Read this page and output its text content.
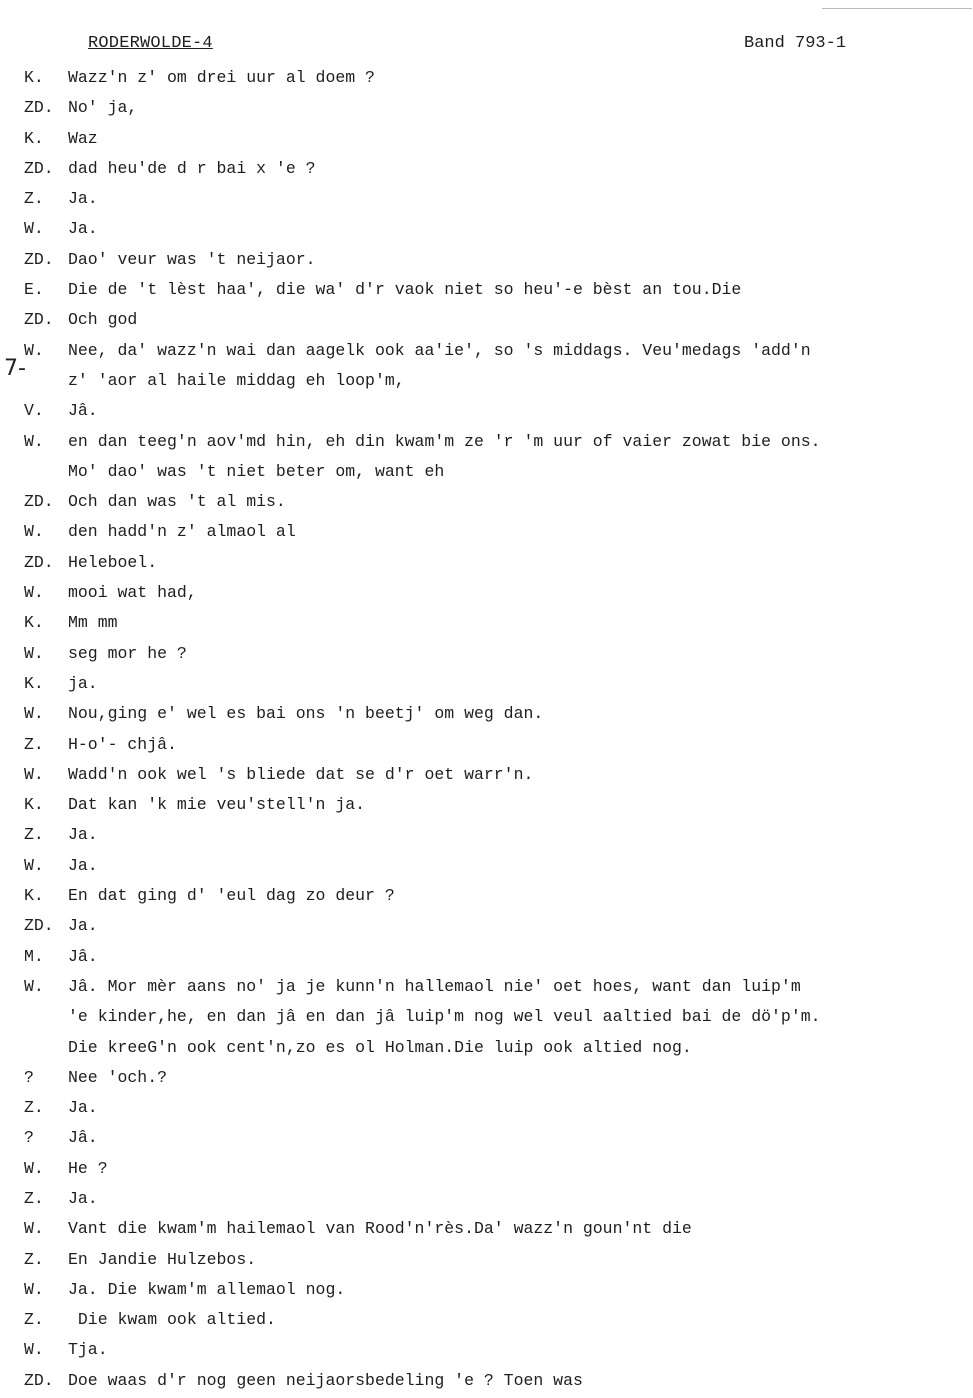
RODERWOLDE-4	Band 793-1
7-
K. Wazz'n z' om drei uur al doem ?
ZD. No' ja,
K. Waz
ZD. dad heu'de d r bai x 'e ?
Z. Ja.
W. Ja.
ZD. Dao' veur was 't neijaor.
E. Die de 't lèst haa', die wa' d'r vaok niet so heu'-e bèst an tou.Die
ZD. Och god
W. Nee, da' wazz'n wai dan aagelk ook aa'ie', so 's middags. Veu'medags 'add'n
z' 'aor al haile middag eh loop'm,
V. Jâ.
W. en dan teeg'n aov'md hin, eh din kwam'm ze 'r 'm uur of vaier zowat bie ons.
Mo' dao' was 't niet beter om, want eh
ZD. Och dan was 't al mis.
W. den hadd'n z' almaol al
ZD. Heleboel.
W. mooi wat had,
K. Mm mm
W. seg mor he ?
K. ja.
W. Nou,ging e' wel es bai ons 'n beetj' om weg dan.
Z. H-o'- chjâ.
W. Wadd'n ook wel 's bliede dat se d'r oet warr'n.
K. Dat kan 'k mie veu'stell'n ja.
Z. Ja.
W. Ja.
K. En dat ging d' 'eul dag zo deur ?
ZD. Ja.
M. Jâ.
W. Jâ. Mor mèr aans no' ja je kunn'n hallemaol nie' oet hoes, want dan luip'm
'e kinder,he, en dan jâ en dan jâ luip'm nog wel veul aaltied bai de dö'p'm.
Die kreeG'n ook cent'n,zo es ol Holman.Die luip ook altied nog.
? Nee 'och.?
Z. Ja.
? Jâ.
W. He ?
Z. Ja.
W. Vant die kwam'm hailemaol van Rood'n'rès.Da' wazz'n goun'nt die
Z. En Jandie Hulzebos.
W. Ja. Die kwam'm allemaol nog.
Z. Die kwam ook altied.
W. Tja.
ZD. Doe waas d'r nog geen neijaorsbedeling 'e ? Toen was
